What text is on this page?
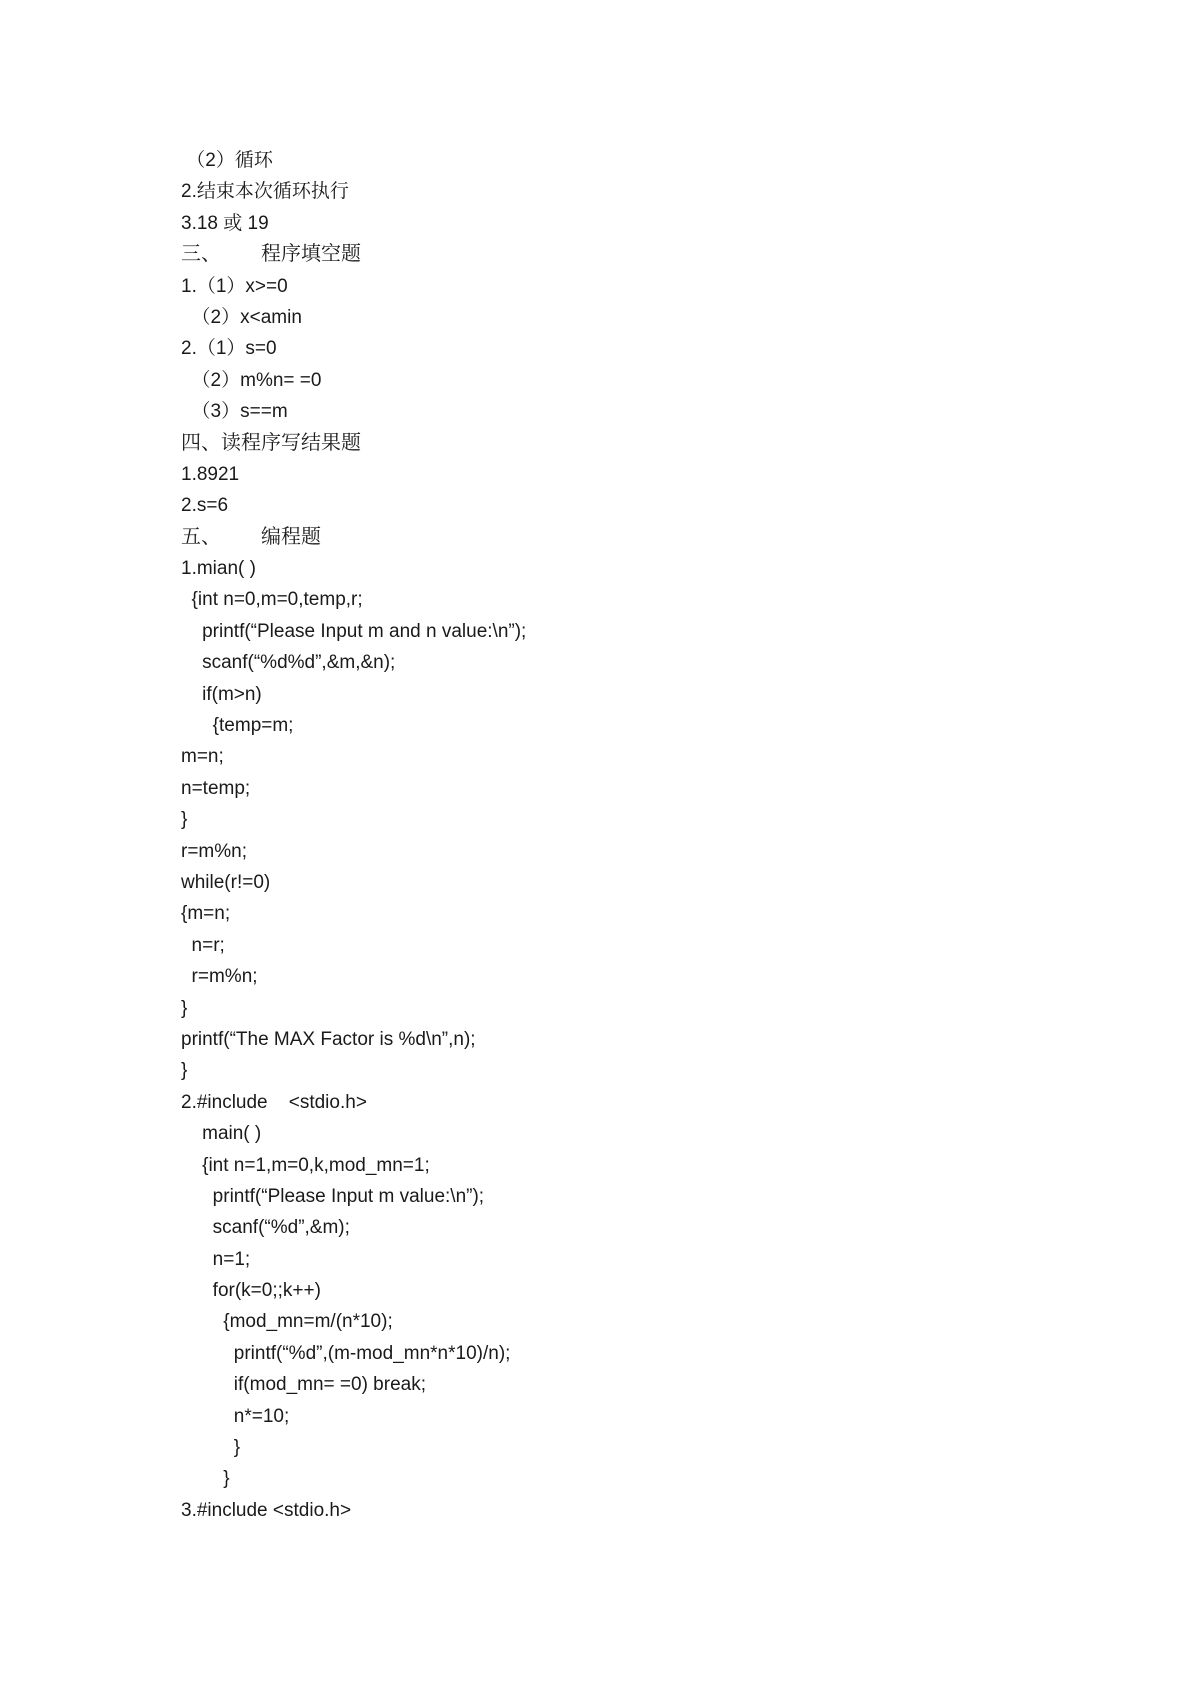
（2）循环
2.结束本次循环执行
3.18 或 19
三、        程序填空题
1.（1）x>=0
（2）x<amin
2.（1）s=0
（2）m%n= =0
（3）s==m
四、读程序写结果题
1.8921
2.s=6
五、        编程题
1.mian( )
{int n=0,m=0,temp,r;
printf(“Please Input m and n value:\n”);
scanf(“%d%d”,&m,&n);
if(m>n)
{temp=m;
m=n;
n=temp;
}
r=m%n;
while(r!=0)
{m=n;
n=r;
r=m%n;
}
printf(“The MAX Factor is %d\n”,n);
}
2.#include    <stdio.h>
main( )
{int n=1,m=0,k,mod_mn=1;
printf(“Please Input m value:\n”);
scanf(“%d”,&m);
n=1;
for(k=0;;k++)
{mod_mn=m/(n*10);
printf(“%d”,(m-mod_mn*n*10)/n);
if(mod_mn= =0) break;
n*=10;
}
}
3.#include <stdio.h>
